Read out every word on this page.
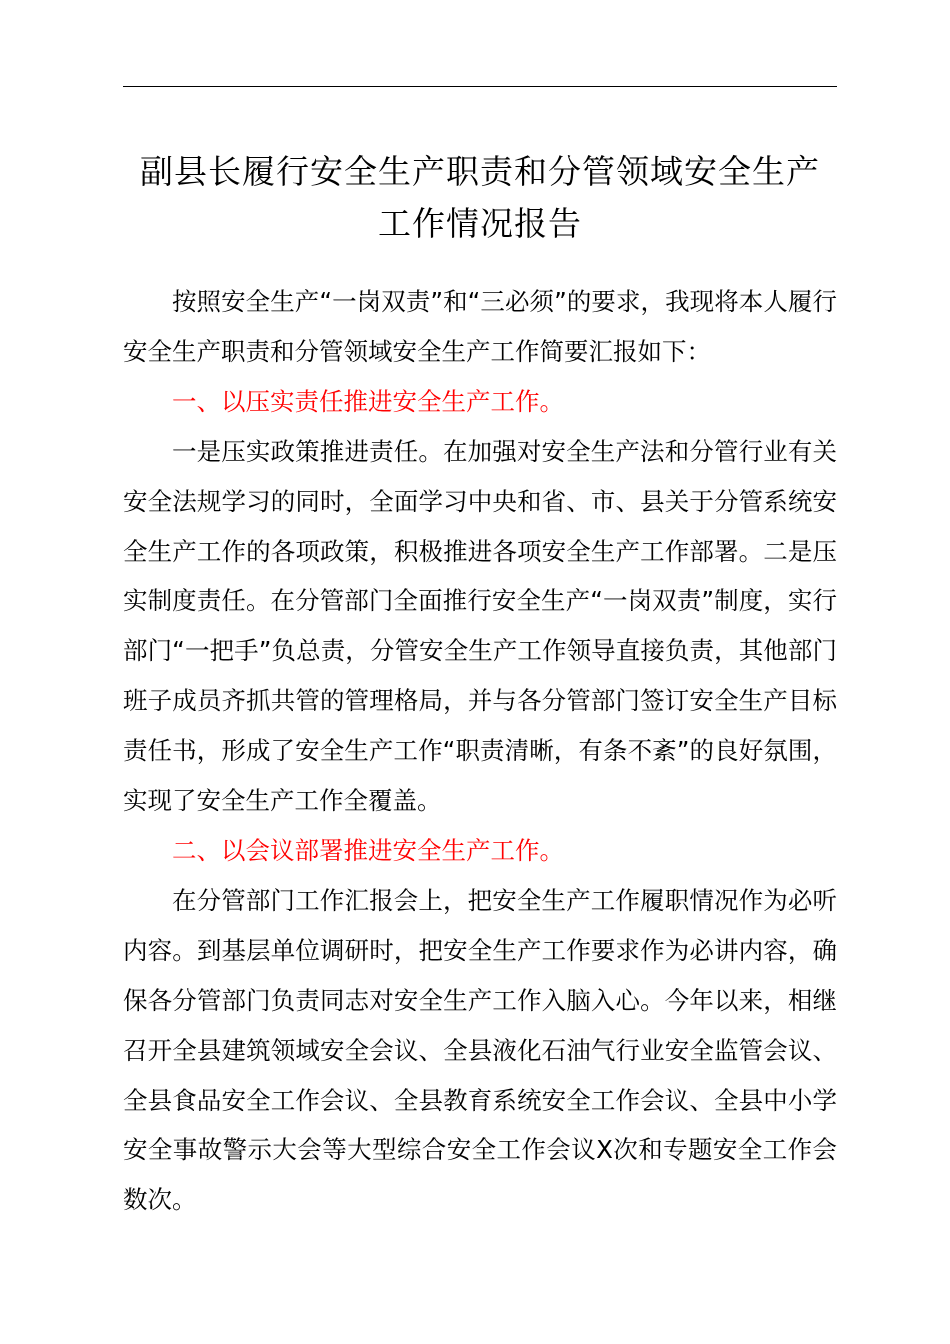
副县长履行安全生产职责和分管领域安全生产
工作情况报告

按照安全生产“一岗双责”和“三必须”的要求，我现将本人履行安全生产职责和分管领域安全生产工作简要汇报如下：

一、以压实责任推进安全生产工作。

一是压实政策推进责任。在加强对安全生产法和分管行业有关安全法规学习的同时，全面学习中央和省、市、县关于分管系统安全生产工作的各项政策，积极推进各项安全生产工作部署。二是压实制度责任。在分管部门全面推行安全生产“一岗双责”制度，实行部门“一把手”负总责，分管安全生产工作领导直接负责，其他部门班子成员齐抓共管的管理格局，并与各分管部门签订安全生产目标责任书，形成了安全生产工作“职责清晰，有条不紊”的良好氛围，实现了安全生产工作全覆盖。

二、以会议部署推进安全生产工作。

在分管部门工作汇报会上，把安全生产工作履职情况作为必听内容。到基层单位调研时，把安全生产工作要求作为必讲内容，确保各分管部门负责同志对安全生产工作入脑入心。今年以来，相继召开全县建筑领域安全会议、全县液化石油气行业安全监管会议、全县食品安全工作会议、全县教育系统安全工作会议、全县中小学安全事故警示大会等大型综合安全工作会议X次和专题安全工作会数次。
